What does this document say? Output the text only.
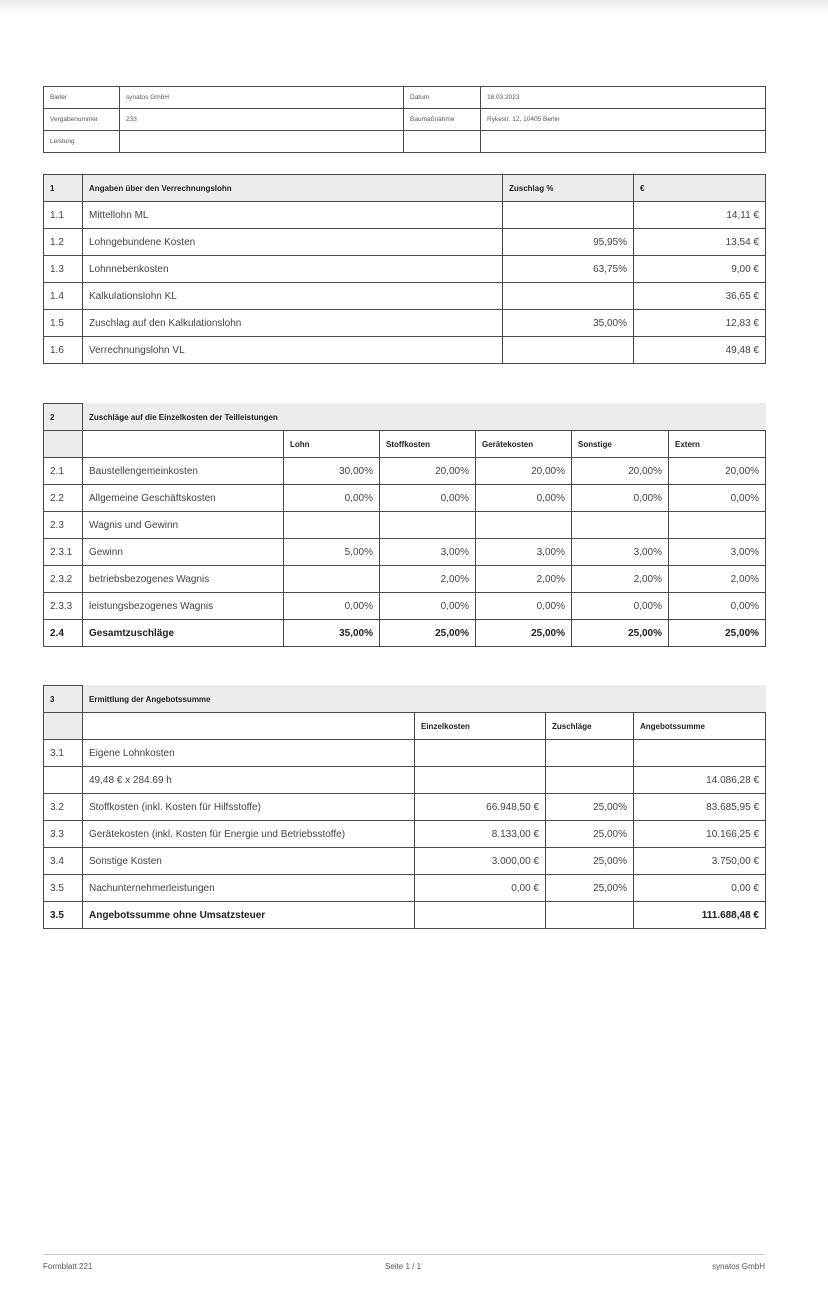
Bieter	synatos GmbH	Datum	16.03.2023
Vergabenummer	233	Baumaßnahme	Rykestr. 12, 10405 Berlin
Leistung			
1	Angaben über den Verrechnungslohn	Zuschlag %	€
1.1	Mittellohn ML		14,11 €
1.2	Lohngebundene Kosten	95,95%	13,54 €
1.3	Lohnnebenkosten	63,75%	9,00 €
1.4	Kalkulationslohn KL		36,65 €
1.5	Zuschlag auf den Kalkulationslohn	35,00%	12,83 €
1.6	Verrechnungslohn VL		49,48 €
2	Zuschläge auf die Einzelkosten der Teilleistungen					
		Lohn	Stoffkosten	Gerätekosten	Sonstige	Extern
2.1	Baustellengemeinkosten	30,00%	20,00%	20,00%	20,00%	20,00%
2.2	Allgemeine Geschäftskosten	0,00%	0,00%	0,00%	0,00%	0,00%
2.3	Wagnis und Gewinn					
2.3.1	Gewinn	5,00%	3,00%	3,00%	3,00%	3,00%
2.3.2	betriebsbezogenes Wagnis		2,00%	2,00%	2,00%	2,00%
2.3.3	leistungsbezogenes Wagnis	0,00%	0,00%	0,00%	0,00%	0,00%
2.4	Gesamtzuschläge	35,00%	25,00%	25,00%	25,00%	25,00%
3	Ermittlung der Angebotssumme			
		Einzelkosten	Zuschläge	Angebotssumme
3.1	Eigene Lohnkosten			
	49,48 € x 284.69 h			14.086,28 €
3.2	Stoffkosten (inkl. Kosten für Hilfsstoffe)	66.948,50 €	25,00%	83.685,95 €
3.3	Gerätekosten (inkl. Kosten für Energie und Betriebsstoffe)	8.133,00 €	25,00%	10.166,25 €
3.4	Sonstige Kosten	3.000,00 €	25,00%	3.750,00 €
3.5	Nachunternehmerleistungen	0,00 €	25,00%	0,00 €
3.5	Angebotssumme ohne Umsatzsteuer			111.688,48 €
Formblatt 221	Seite 1 / 1	synatos GmbH
